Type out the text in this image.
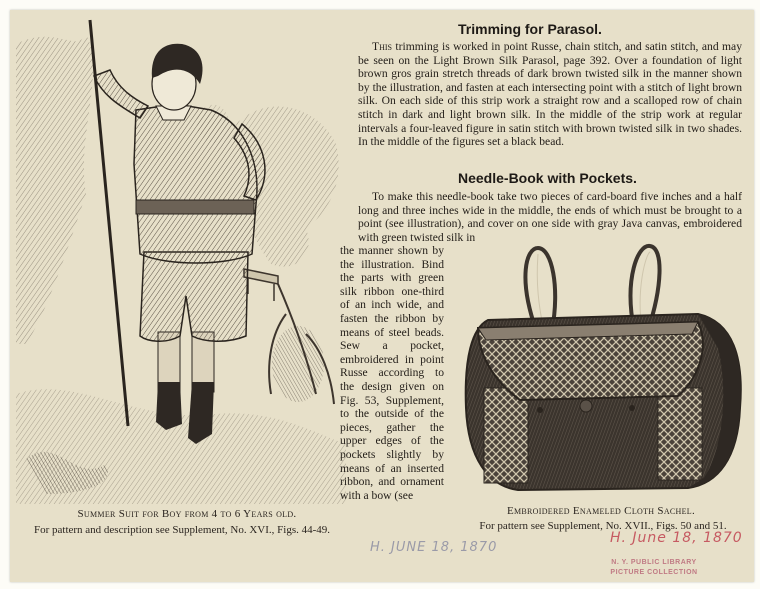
Summer Suit for Boy from 4 to 6 Years old.
For pattern and description see Supplement, No. XVI., Figs. 44-49.
Trimming for Parasol.

This trimming is worked in point Russe, chain stitch, and satin stitch, and may be seen on the Light Brown Silk Parasol, page 392. Over a foundation of light brown gros grain stretch threads of dark brown twisted silk in the manner shown by the illustration, and fasten at each intersecting point with a stitch of light brown silk. On each side of this strip work a straight row and a scalloped row of chain stitch in dark and light brown silk. In the middle of the strip work at regular intervals a four-leaved figure in satin stitch with brown twisted silk in two shades. In the middle of the figures set a black bead.

Needle-Book with Pockets.

To make this needle-book take two pieces of card-board five inches and a half long and three inches wide in the middle, the ends of which must be brought to a point (see illustration), and cover on one side with gray Java canvas, embroidered with green twisted silk in

the manner shown by the illustration. Bind the parts with green silk ribbon one-third of an inch wide, and fasten the ribbon by means of steel beads. Sew a pocket, embroidered in point Russe according to the design given on Fig. 53, Supplement, to the outside of the pieces, gather the upper edges of the pockets slightly by means of an inserted ribbon, and ornament with a bow (see
Embroidered Enameled Cloth Sachel.
For pattern see Supplement, No. XVII., Figs. 50 and 51.
H. JUNE 18, 1870
H. June 18, 1870
N. Y. PUBLIC LIBRARY
PICTURE COLLECTION
